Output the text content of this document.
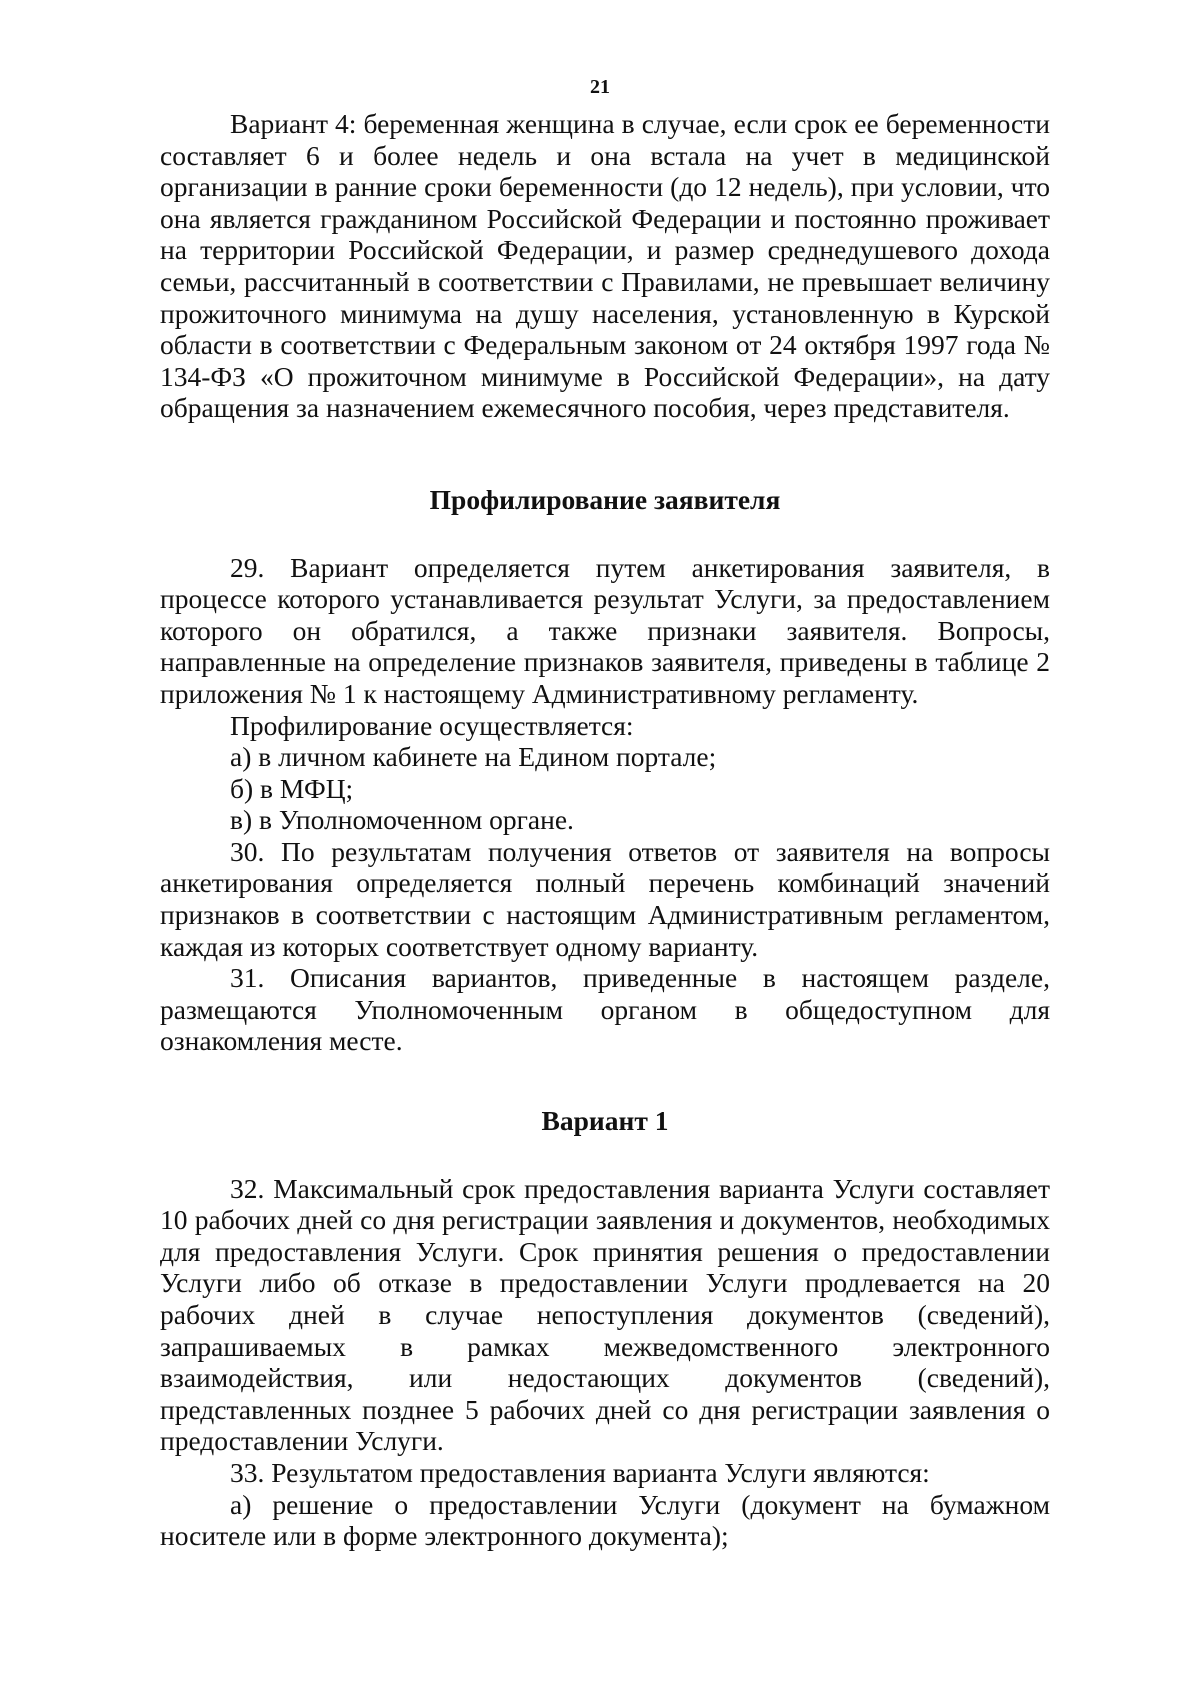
21

Вариант 4: беременная женщина в случае, если срок ее беременности составляет 6 и более недель и она встала на учет в медицинской организации в ранние сроки беременности (до 12 недель), при условии, что она является гражданином Российской Федерации и постоянно проживает на территории Российской Федерации, и размер среднедушевого дохода семьи, рассчитанный в соответствии с Правилами, не превышает величину прожиточного минимума на душу населения, установленную в Курской области в соответствии с Федеральным законом от 24 октября 1997 года № 134-ФЗ «О прожиточном минимуме в Российской Федерации», на дату обращения за назначением ежемесячного пособия, через представителя.

Профилирование заявителя

29. Вариант определяется путем анкетирования заявителя, в процессе которого устанавливается результат Услуги, за предоставлением которого он обратился, а также признаки заявителя. Вопросы, направленные на определение признаков заявителя, приведены в таблице 2 приложения № 1 к настоящему Административному регламенту.

Профилирование осуществляется:

а) в личном кабинете на Едином портале;

б) в МФЦ;

в) в Уполномоченном органе.

30. По результатам получения ответов от заявителя на вопросы анкетирования определяется полный перечень комбинаций значений признаков в соответствии с настоящим Административным регламентом, каждая из которых соответствует одному варианту.

31. Описания вариантов, приведенные в настоящем разделе, размещаются Уполномоченным органом в общедоступном для ознакомления месте.

Вариант 1

32. Максимальный срок предоставления варианта Услуги составляет 10 рабочих дней со дня регистрации заявления и документов, необходимых для предоставления Услуги. Срок принятия решения о предоставлении Услуги либо об отказе в предоставлении Услуги продлевается на 20 рабочих дней в случае непоступления документов (сведений), запрашиваемых в рамках межведомственного электронного взаимодействия, или недостающих документов (сведений), представленных позднее 5 рабочих дней со дня регистрации заявления о предоставлении Услуги.

33. Результатом предоставления варианта Услуги являются:

а) решение о предоставлении Услуги (документ на бумажном носителе или в форме электронного документа);
